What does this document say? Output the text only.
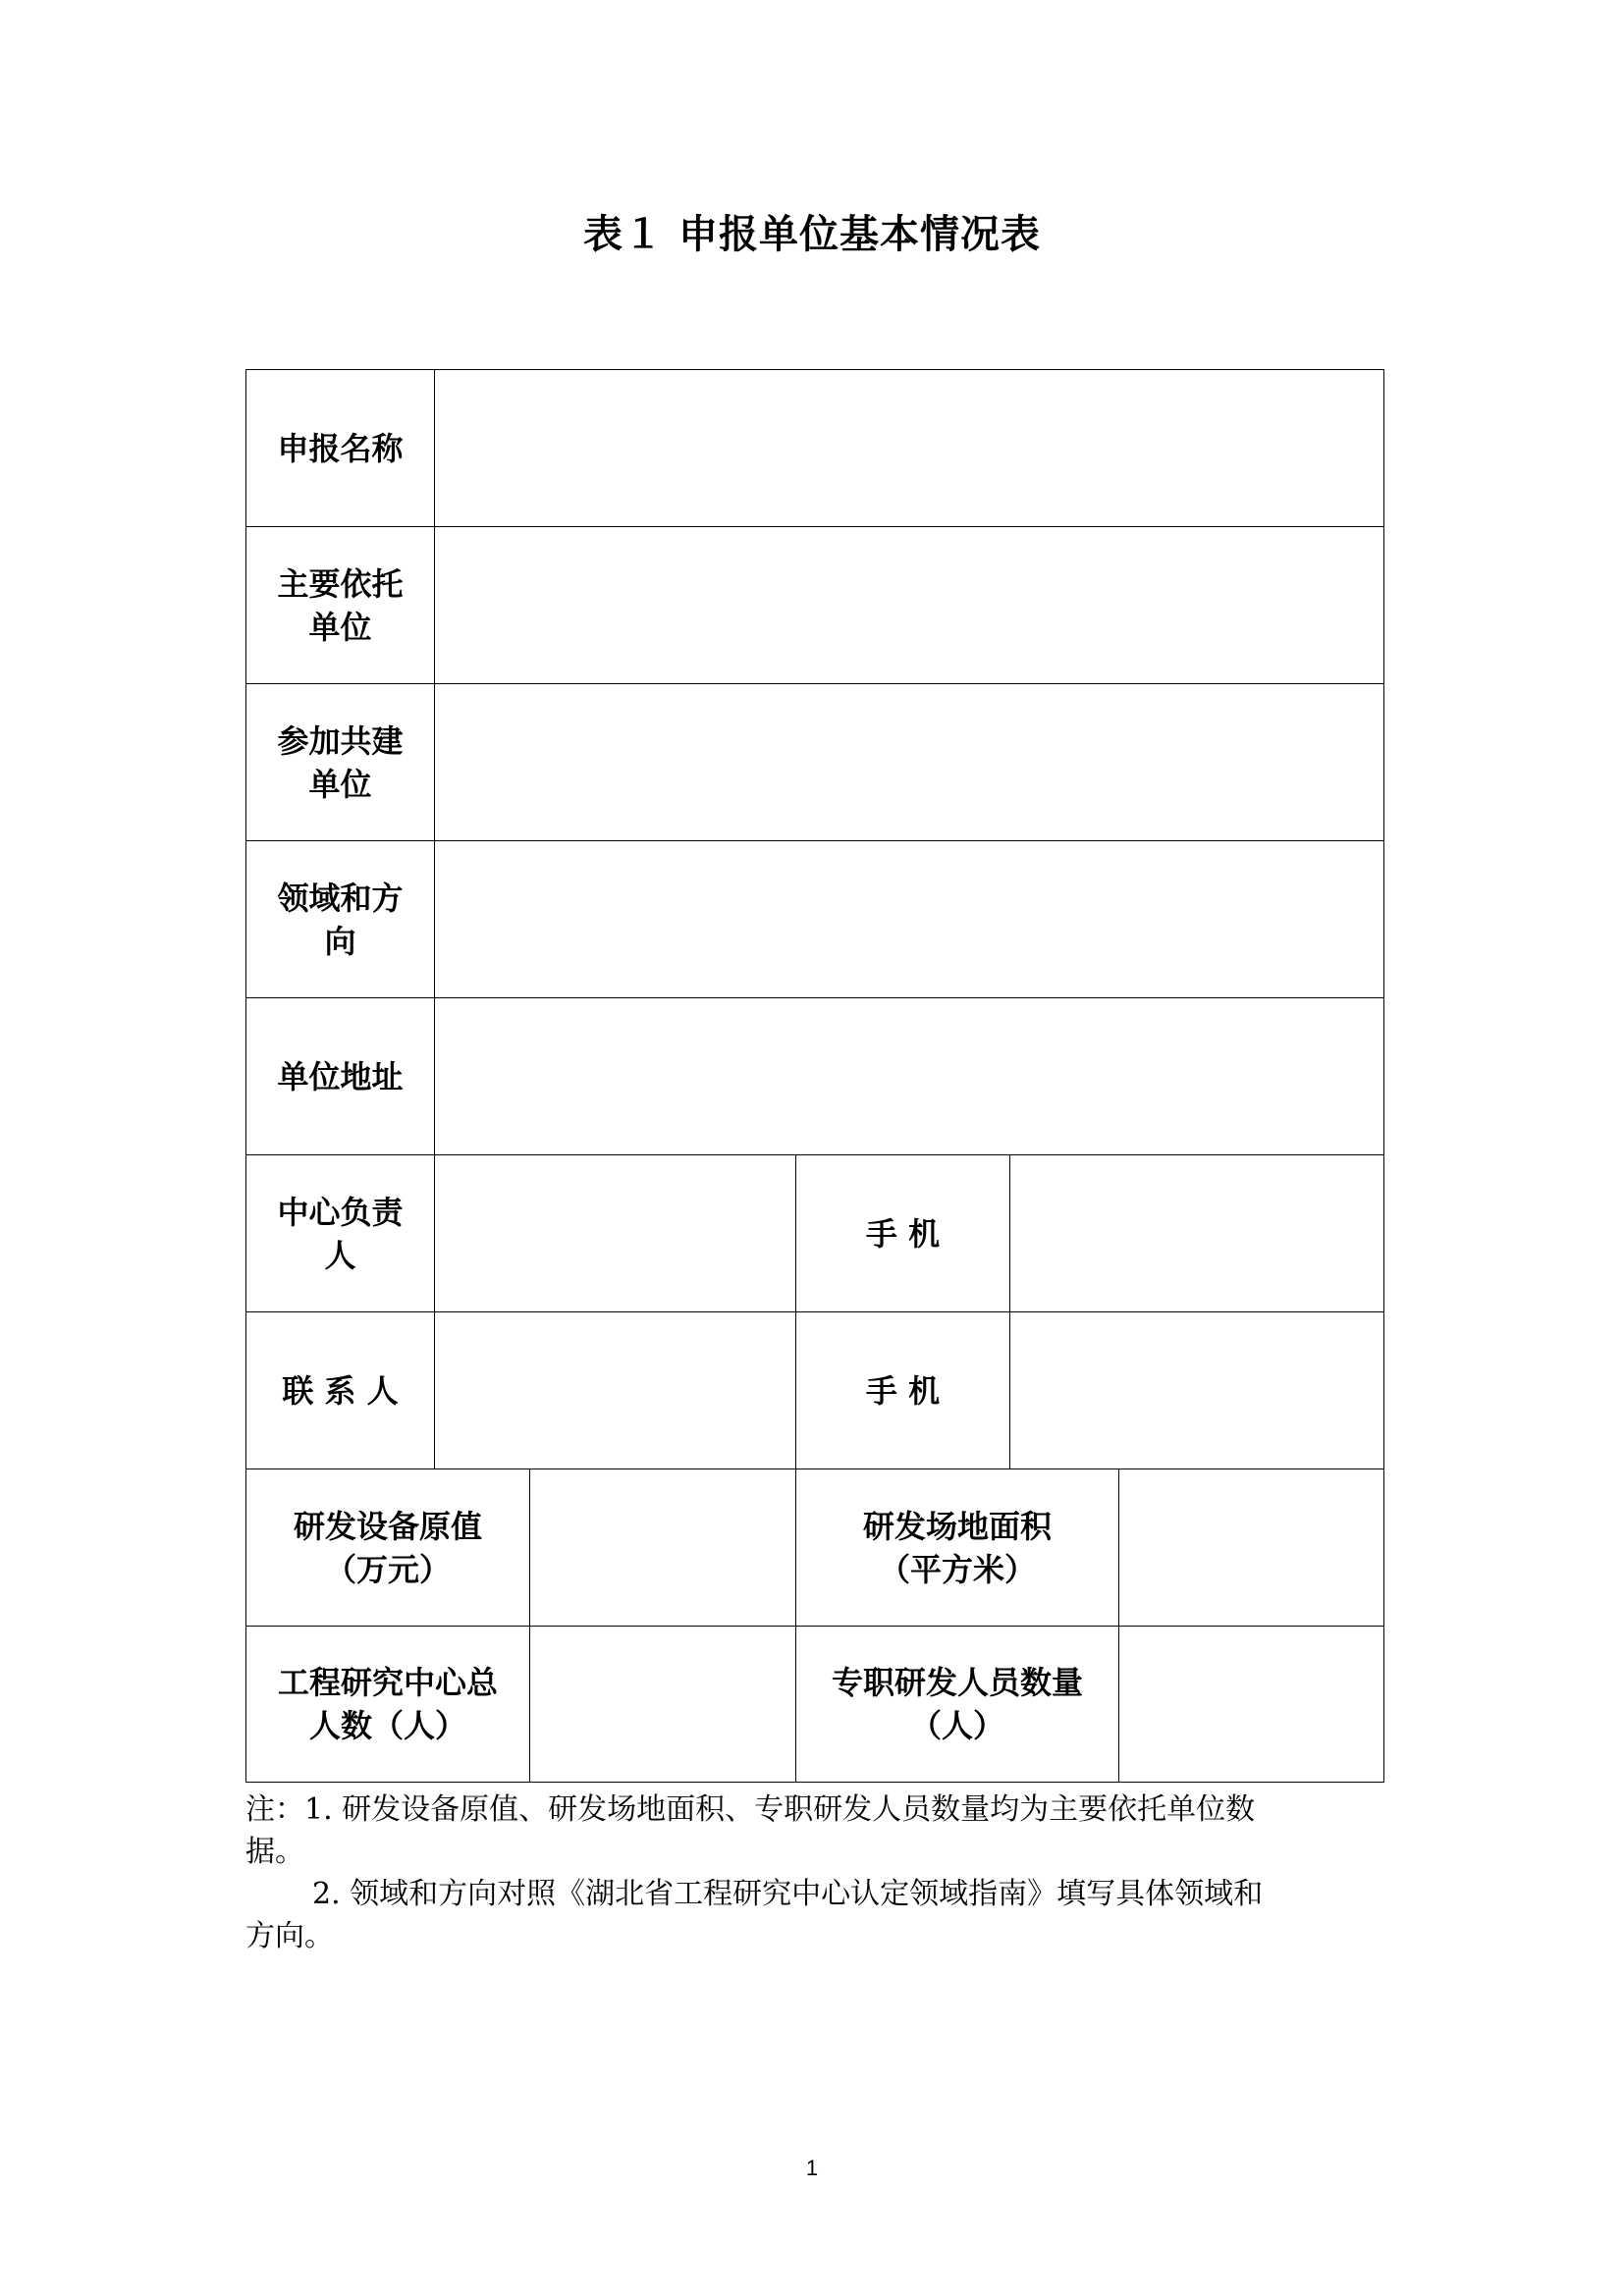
表１ 申报单位基本情况表
申报名称
主要依托
单位
参加共建
单位
领域和方
向
单位地址
中心负责
人
手 机
联 系 人	手 机
研发设备原值
（万元）
研发场地面积
（平方米）
工程研究中心总
人数（人）
专职研发人员数量
（人）
注：1. 研发设备原值、研发场地面积、专职研发人员数量均为主要依托单位数
据。
2. 领域和方向对照《湖北省工程研究中心认定领域指南》填写具体领域和
方向。
1
